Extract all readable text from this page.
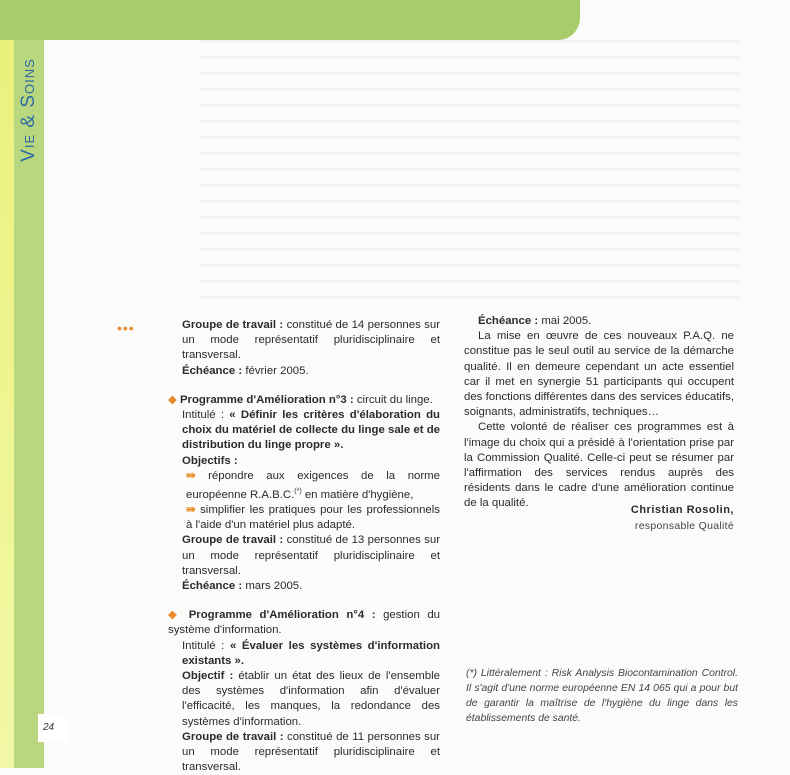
Vie & Soins
24
•••	Groupe de travail : constitué de 14 personnes sur un mode représentatif pluridisciplinaire et transversal.

Échéance : février 2005.

◆ Programme d'Amélioration n°3 : circuit du linge.

Intitulé : « Définir les critères d'élaboration du choix du matériel de collecte du linge sale et de distribution du linge propre ».

Objectifs :

⇛ répondre aux exigences de la norme européenne R.A.B.C.(*) en matière d'hygiène,

⇛ simplifier les pratiques pour les professionnels à l'aide d'un matériel plus adapté.

Groupe de travail : constitué de 13 personnes sur un mode représentatif pluridisciplinaire et transversal.

Échéance : mars 2005.

◆ Programme d'Amélioration n°4 : gestion du système d'information.

Intitulé : « Évaluer les systèmes d'information existants ».

Objectif : établir un état des lieux de l'ensemble des systèmes d'information afin d'évaluer l'efficacité, les manques, la redondance des systèmes d'information.

Groupe de travail : constitué de 11 personnes sur un mode représentatif pluridisciplinaire et transversal.

Échéance : mai 2005.

La mise en œuvre de ces nouveaux P.A.Q. ne constitue pas le seul outil au service de la démarche qualité. Il en demeure cependant un acte essentiel car il met en synergie 51 participants qui occupent des fonctions différentes dans des services éducatifs, soignants, administratifs, techniques…

Cette volonté de réaliser ces programmes est à l'image du choix qui a présidé à l'orientation prise par la Commission Qualité. Celle-ci peut se résumer par l'affirmation des services rendus auprès des résidents dans le cadre d'une amélioration continue de la qualité.

Christian Rosolin,
responsable Qualité
(*) Littéralement : Risk Analysis Biocontamination Control. Il s'agit d'une norme européenne EN 14 065 qui a pour but de garantir la maîtrise de l'hygiène du linge dans les établissements de santé.
